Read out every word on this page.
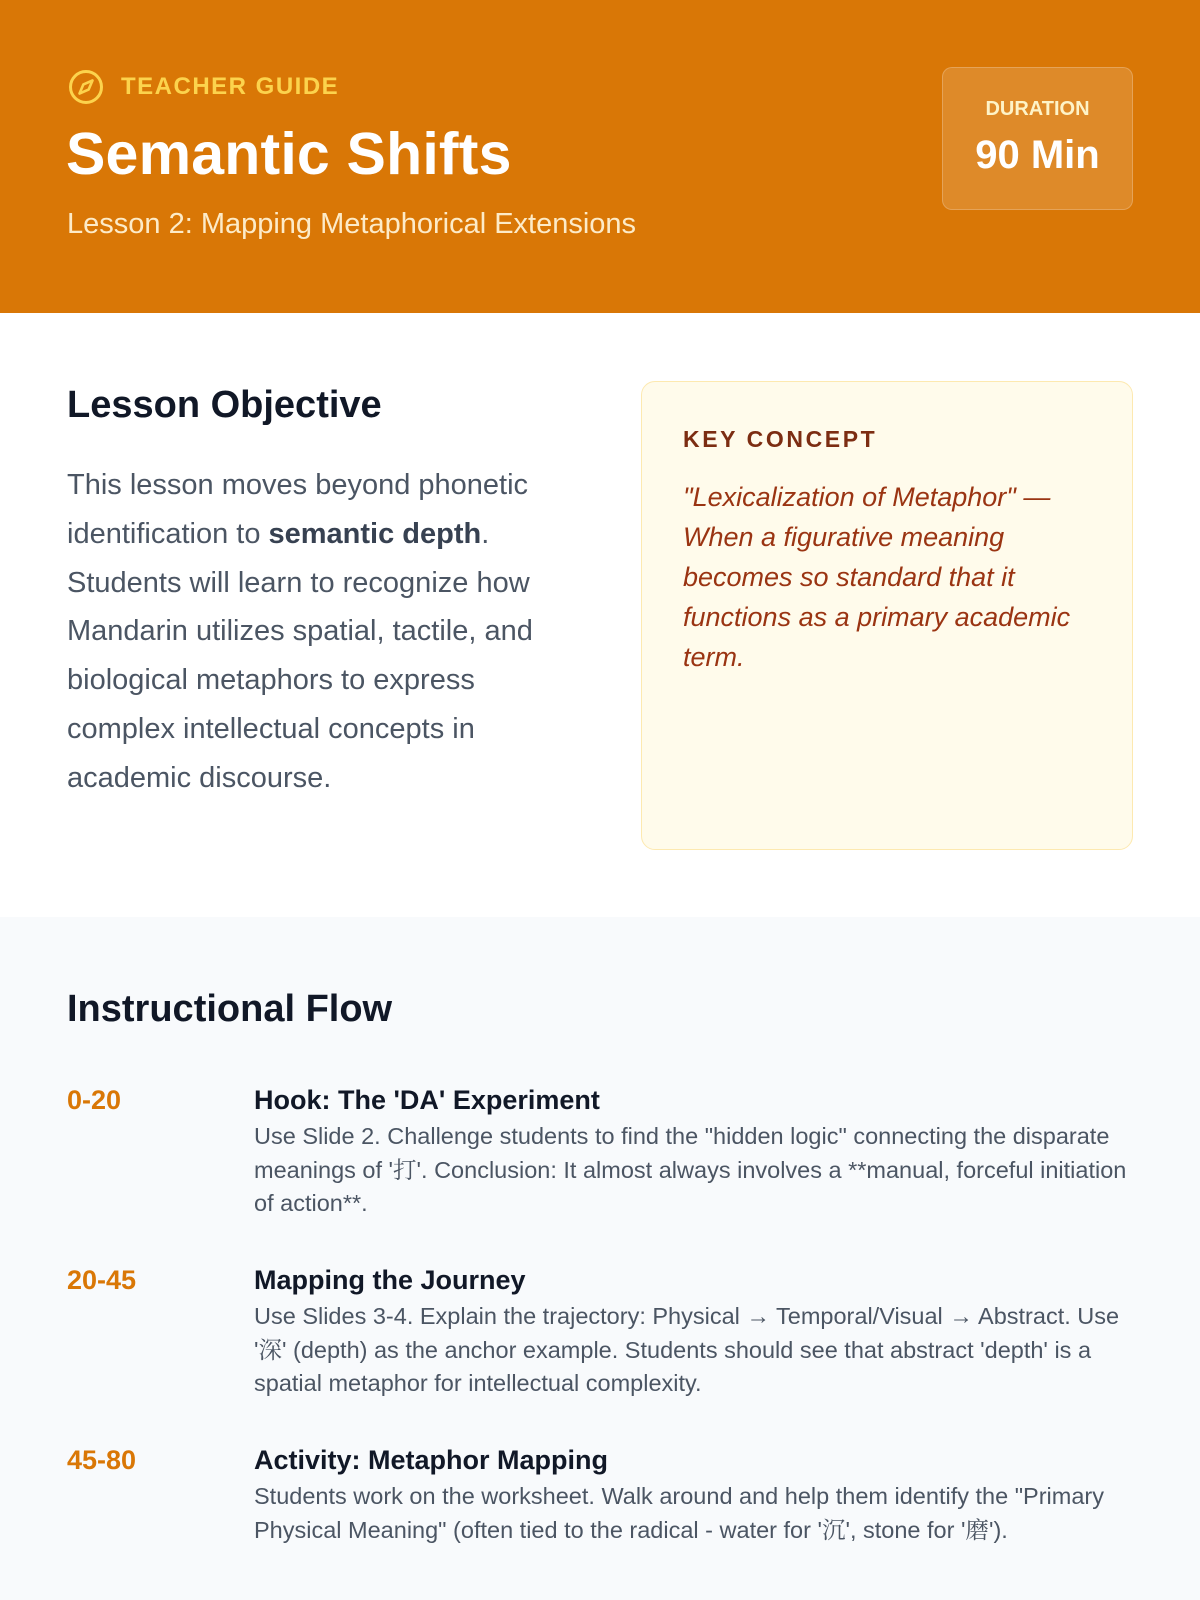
TEACHER GUIDE
Semantic Shifts
Lesson 2: Mapping Metaphorical Extensions
DURATION
90 Min
Lesson Objective

This lesson moves beyond phonetic identification to semantic depth. Students will learn to recognize how Mandarin utilizes spatial, tactile, and biological metaphors to express complex intellectual concepts in academic discourse.

KEY CONCEPT
"Lexicalization of Metaphor" — When a figurative meaning becomes so standard that it functions as a primary academic term.
Instructional Flow
0-20	Hook: The 'DA' Experiment
Use Slide 2. Challenge students to find the "hidden logic" connecting the disparate meanings of '打'. Conclusion: It almost always involves a **manual, forceful initiation of action**.
20-45	Mapping the Journey
Use Slides 3-4. Explain the trajectory: Physical → Temporal/Visual → Abstract. Use '深' (depth) as the anchor example. Students should see that abstract 'depth' is a spatial metaphor for intellectual complexity.
45-80	Activity: Metaphor Mapping
Students work on the worksheet. Walk around and help them identify the "Primary Physical Meaning" (often tied to the radical - water for '沉', stone for '磨').
